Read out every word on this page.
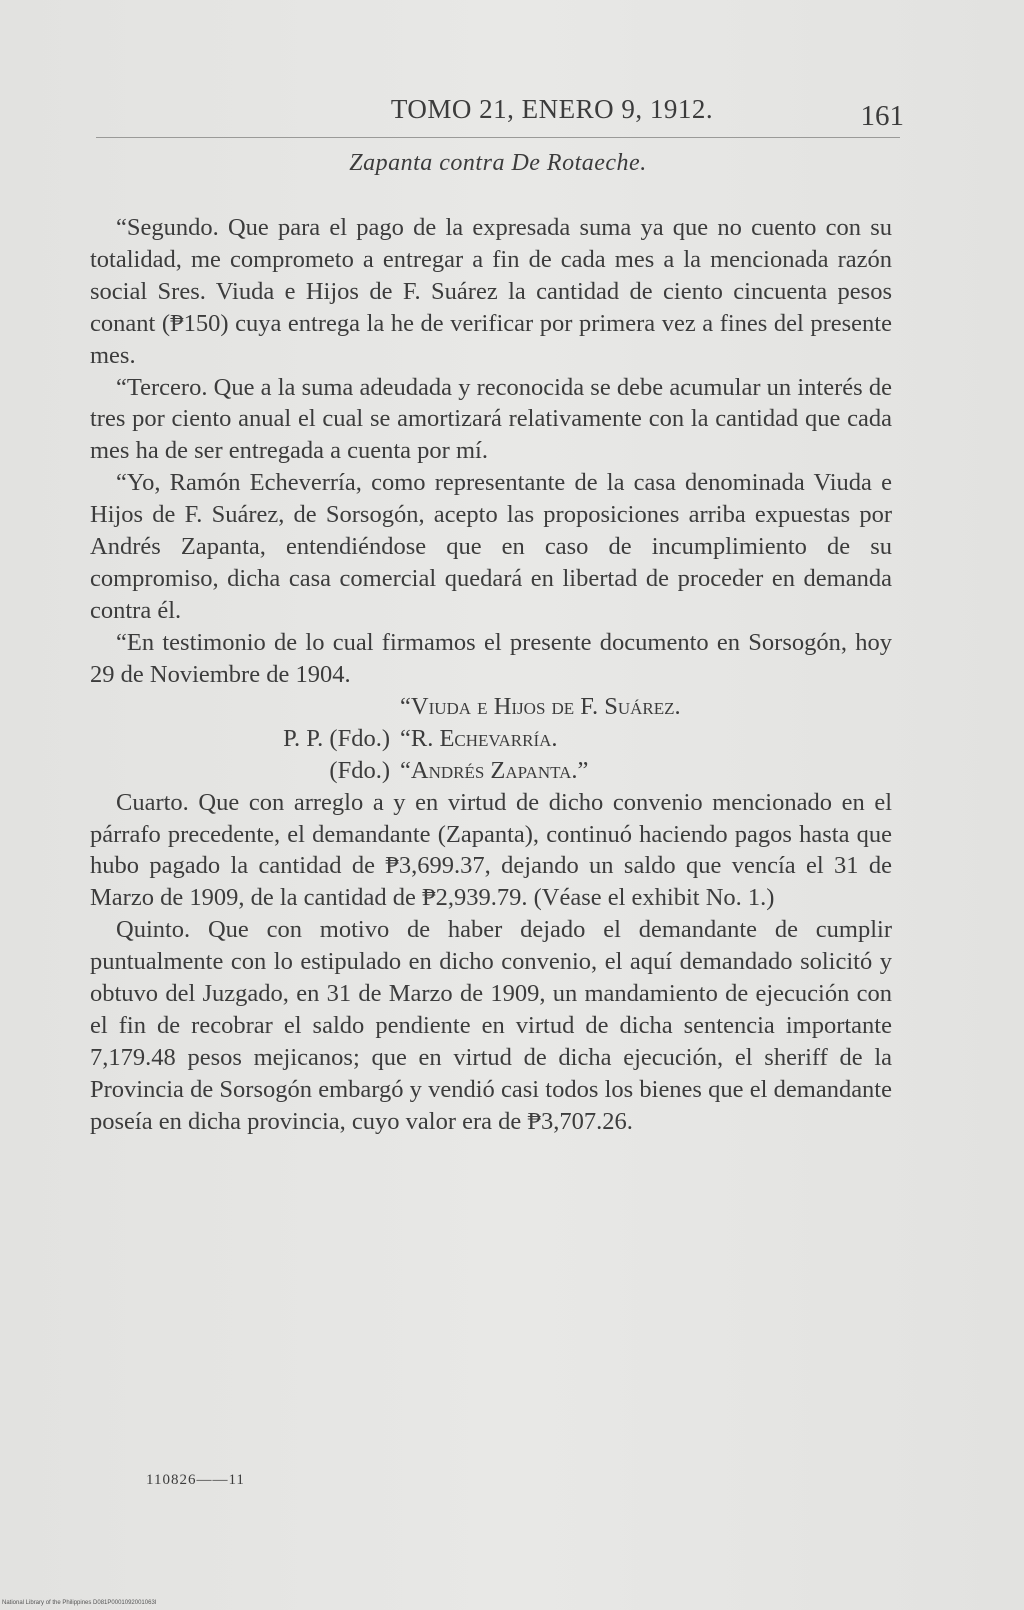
TOMO 21, ENERO 9, 1912.	161
Zapanta contra De Rotaeche.

“Segundo. Que para el pago de la expresada suma ya que no cuento con su totalidad, me comprometo a entregar a fin de cada mes a la mencionada razón social Sres. Viuda e Hijos de F. Suárez la cantidad de ciento cincuenta pesos conant (₱150) cuya entrega la he de verificar por primera vez a fines del presente mes.

“Tercero. Que a la suma adeudada y reconocida se debe acumular un interés de tres por ciento anual el cual se amortizará relativamente con la cantidad que cada mes ha de ser entregada a cuenta por mí.

“Yo, Ramón Echeverría, como representante de la casa denominada Viuda e Hijos de F. Suárez, de Sorsogón, acepto las proposiciones arriba expuestas por Andrés Zapanta, entendiéndose que en caso de incumplimiento de su compromiso, dicha casa comercial quedará en libertad de proceder en demanda contra él.

“En testimonio de lo cual firmamos el presente documento en Sorsogón, hoy 29 de Noviembre de 1904.

“Viuda e Hijos de F. Suárez.
P. P. (Fdo.) “R. Echevarría.
(Fdo.) “Andrés Zapanta.”

Cuarto. Que con arreglo a y en virtud de dicho convenio mencionado en el párrafo precedente, el demandante (Zapanta), continuó haciendo pagos hasta que hubo pagado la cantidad de ₱3,699.37, dejando un saldo que vencía el 31 de Marzo de 1909, de la cantidad de ₱2,939.79. (Véase el exhibit No. 1.)

Quinto. Que con motivo de haber dejado el demandante de cumplir puntualmente con lo estipulado en dicho convenio, el aquí demandado solicitó y obtuvo del Juzgado, en 31 de Marzo de 1909, un mandamiento de ejecución con el fin de recobrar el saldo pendiente en virtud de dicha sentencia importante 7,179.48 pesos mejicanos; que en virtud de dicha ejecución, el sheriff de la Provincia de Sorsogón embargó y vendió casi todos los bienes que el demandante poseía en dicha provincia, cuyo valor era de ₱3,707.26.

110826——11
National Library of the Philippines D081P0001092001063I
